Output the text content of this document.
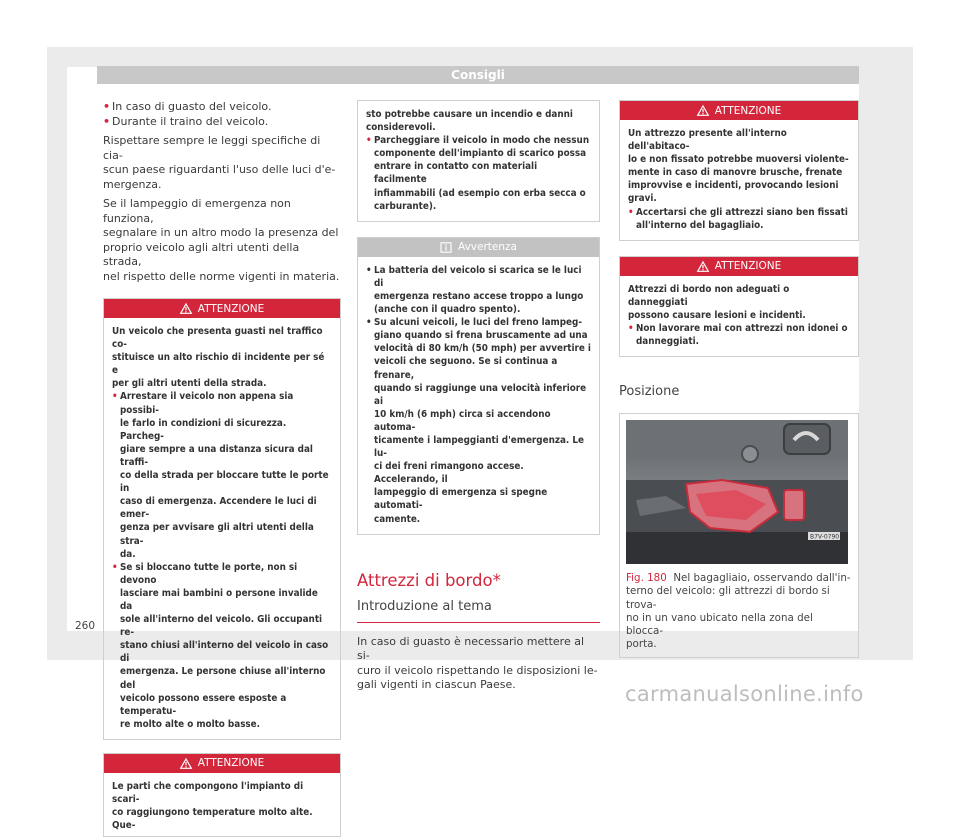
Consigli
• In caso di guasto del veicolo.
• Durante il traino del veicolo.
Rispettare sempre le leggi specifiche di cia-
scun paese riguardanti l'uso delle luci d'e-
mergenza.
Se il lampeggio di emergenza non funziona,
segnalare in un altro modo la presenza del
proprio veicolo agli altri utenti della strada,
nel rispetto delle norme vigenti in materia.
ATTENZIONE
Un veicolo che presenta guasti nel traffico co-
stituisce un alto rischio di incidente per sé e
per gli altri utenti della strada.
• Arrestare il veicolo non appena sia possibi-
le farlo in condizioni di sicurezza. Parcheg-
giare sempre a una distanza sicura dal traffi-
co della strada per bloccare tutte le porte in
caso di emergenza. Accendere le luci di emer-
genza per avvisare gli altri utenti della stra-
da.
• Se si bloccano tutte le porte, non si devono
lasciare mai bambini o persone invalide da
sole all'interno del veicolo. Gli occupanti re-
stano chiusi all'interno del veicolo in caso di
emergenza. Le persone chiuse all'interno del
veicolo possono essere esposte a temperatu-
re molto alte o molto basse.
ATTENZIONE
Le parti che compongono l'impianto di scari-
co raggiungono temperature molto alte. Que-
sto potrebbe causare un incendio e danni
considerevoli.
• Parcheggiare il veicolo in modo che nessun
componente dell'impianto di scarico possa
entrare in contatto con materiali facilmente
infiammabili (ad esempio con erba secca o
carburante).
Avvertenza
• La batteria del veicolo si scarica se le luci di
emergenza restano accese troppo a lungo
(anche con il quadro spento).
• Su alcuni veicoli, le luci del freno lampeg-
giano quando si frena bruscamente ad una
velocità di 80 km/h (50 mph) per avvertire i
veicoli che seguono. Se si continua a frenare,
quando si raggiunge una velocità inferiore ai
10 km/h (6 mph) circa si accendono automa-
ticamente i lampeggianti d'emergenza. Le lu-
ci dei freni rimangono accese. Accelerando, il
lampeggio di emergenza si spegne automati-
camente.
Attrezzi di bordo*
Introduzione al tema
In caso di guasto è necessario mettere al si-
curo il veicolo rispettando le disposizioni le-
gali vigenti in ciascun Paese.
ATTENZIONE
Un attrezzo presente all'interno dell'abitaco-
lo e non fissato potrebbe muoversi violente-
mente in caso di manovre brusche, frenate
improvvise e incidenti, provocando lesioni
gravi.
• Accertarsi che gli attrezzi siano ben fissati
all'interno del bagagliaio.
ATTENZIONE
Attrezzi di bordo non adeguati o danneggiati
possono causare lesioni e incidenti.
• Non lavorare mai con attrezzi non idonei o
danneggiati.
Posizione
B7V-0790
Fig. 180 Nel bagagliaio, osservando dall'in-
terno del veicolo: gli attrezzi di bordo si trova-
no in un vano ubicato nella zona del blocca-
porta.
260
carmanualsonline.info
